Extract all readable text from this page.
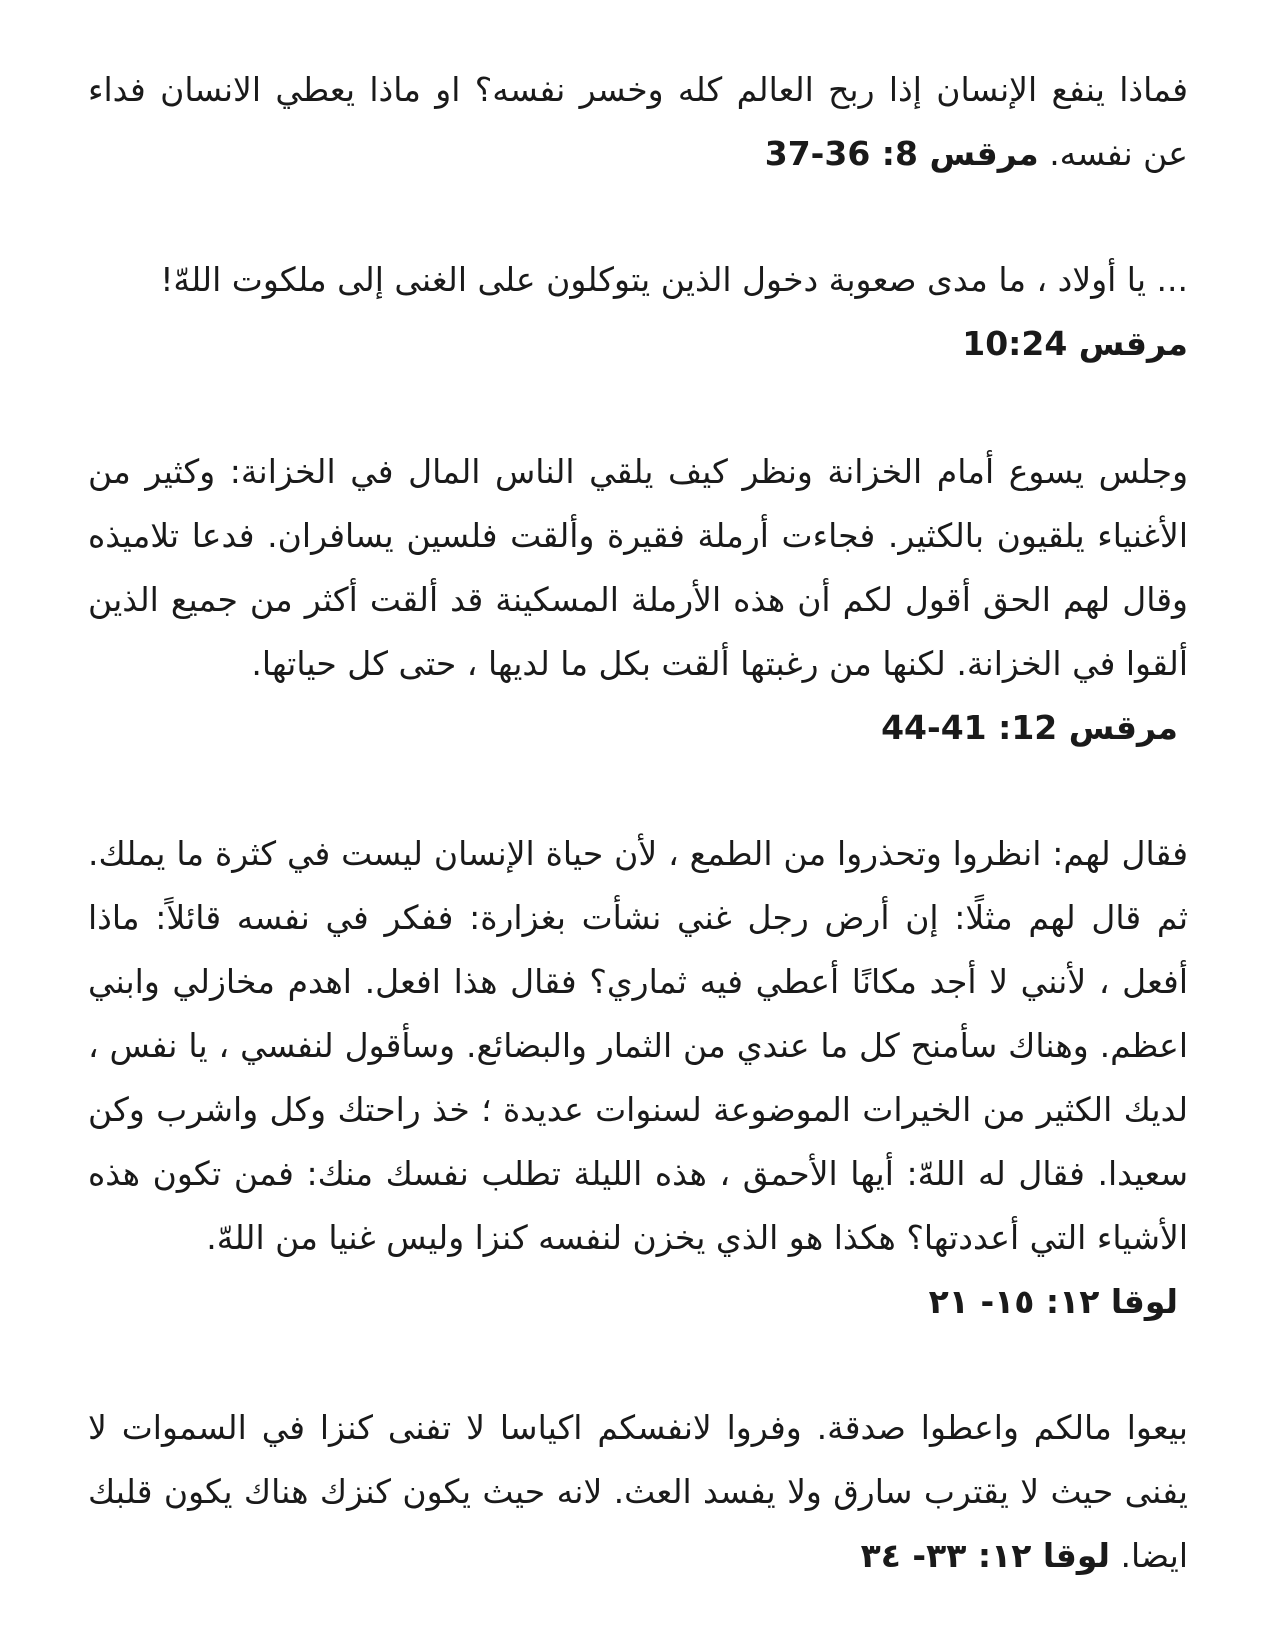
فماذا ينفع الإنسان إذا ربح العالم كله وخسر نفسه؟ او ماذا يعطي الانسان فداء عن نفسه. مرقس 8: 36-37

... يا أولاد ، ما مدى صعوبة دخول الذين يتوكلون على الغنى إلى ملكوت اللهّ!

مرقس 10:24

وجلس يسوع أمام الخزانة ونظر كيف يلقي الناس المال في الخزانة: وكثير من الأغنياء يلقيون بالكثير. فجاءت أرملة فقيرة وألقت فلسين يسافران. فدعا تلاميذه وقال لهم الحق أقول لكم أن هذه الأرملة المسكينة قد ألقت أكثر من جميع الذين ألقوا في الخزانة. لكنها من رغبتها ألقت بكل ما لديها ، حتى كل حياتها.

مرقس 12: 41-44

فقال لهم: انظروا وتحذروا من الطمع ، لأن حياة الإنسان ليست في كثرة ما يملك. ثم قال لهم مثلًا: إن أرض رجل غني نشأت بغزارة: ففكر في نفسه قائلاً: ماذا أفعل ، لأنني لا أجد مكانًا أعطي فيه ثماري؟ فقال هذا افعل. اهدم مخازلي وابني اعظم. وهناك سأمنح كل ما عندي من الثمار والبضائع. وسأقول لنفسي ، يا نفس ، لديك الكثير من الخيرات الموضوعة لسنوات عديدة ؛ خذ راحتك وكل واشرب وكن سعيدا. فقال له اللهّ: أيها الأحمق ، هذه الليلة تطلب نفسك منك: فمن تكون هذه الأشياء التي أعددتها؟ هكذا هو الذي يخزن لنفسه كنزا وليس غنيا من اللهّ.

لوقا ١٢: ١٥- ٢١

بيعوا مالكم واعطوا صدقة. وفروا لانفسكم اكياسا لا تفنى كنزا في السموات لا يفنى حيث لا يقترب سارق ولا يفسد العث. لانه حيث يكون كنزك هناك يكون قلبك ايضا. لوقا ١٢: ٣٣- ٣٤
